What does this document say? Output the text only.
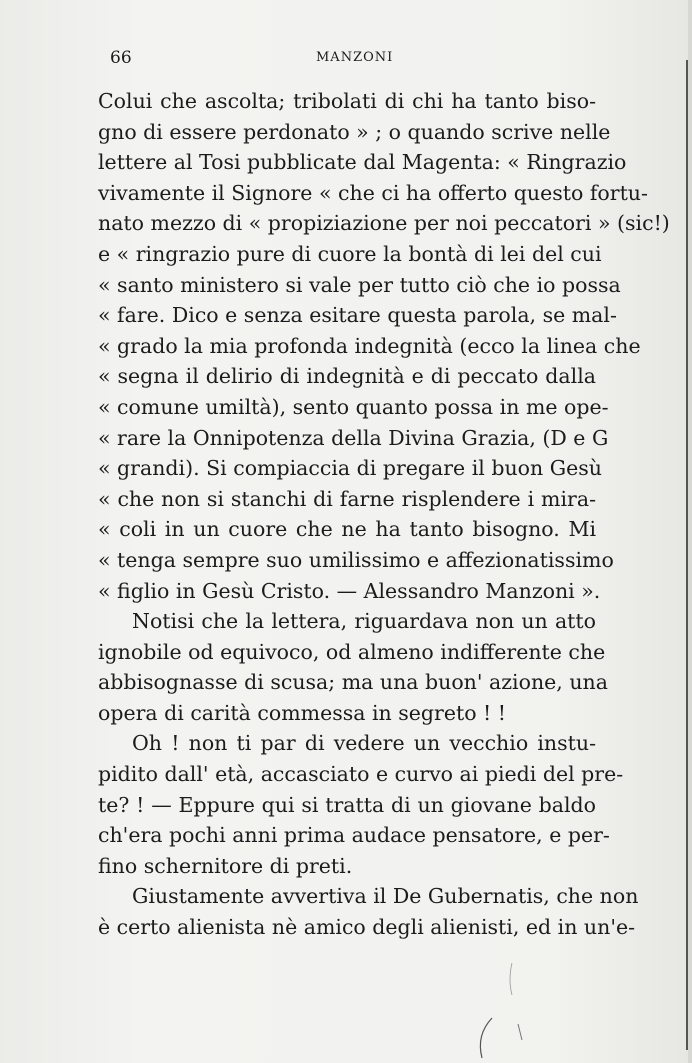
66	MANZONI
Colui che ascolta; tribolati di chi ha tanto biso-
gno di essere perdonato » ; o quando scrive nelle
lettere al Tosi pubblicate dal Magenta: « Ringrazio
vivamente il Signore « che ci ha offerto questo fortu-
nato mezzo di « propiziazione per noi peccatori » (sic!)
e « ringrazio pure di cuore la bontà di lei del cui
« santo ministero si vale per tutto ciò che io possa
« fare. Dico e senza esitare questa parola, se mal-
« grado la mia profonda indegnità (ecco la linea che
« segna il delirio di indegnità e di peccato dalla
« comune umiltà), sento quanto possa in me ope-
« rare la Onnipotenza della Divina Grazia, (D e G
« grandi). Si compiaccia di pregare il buon Gesù
« che non si stanchi di farne risplendere i mira-
« coli in un cuore che ne ha tanto bisogno. Mi
« tenga sempre suo umilissimo e affezionatissimo
« figlio in Gesù Cristo. — Alessandro Manzoni ».
Notisi che la lettera, riguardava non un atto
ignobile od equivoco, od almeno indifferente che
abbisognasse di scusa; ma una buon' azione, una
opera di carità commessa in segreto ! !
Oh ! non ti par di vedere un vecchio instu-
pidito dall' età, accasciato e curvo ai piedi del pre-
te? ! — Eppure qui si tratta di un giovane baldo
ch'era pochi anni prima audace pensatore, e per-
fino schernitore di preti.
Giustamente avvertiva il De Gubernatis, che non
è certo alienista nè amico degli alienisti, ed in un'e-
